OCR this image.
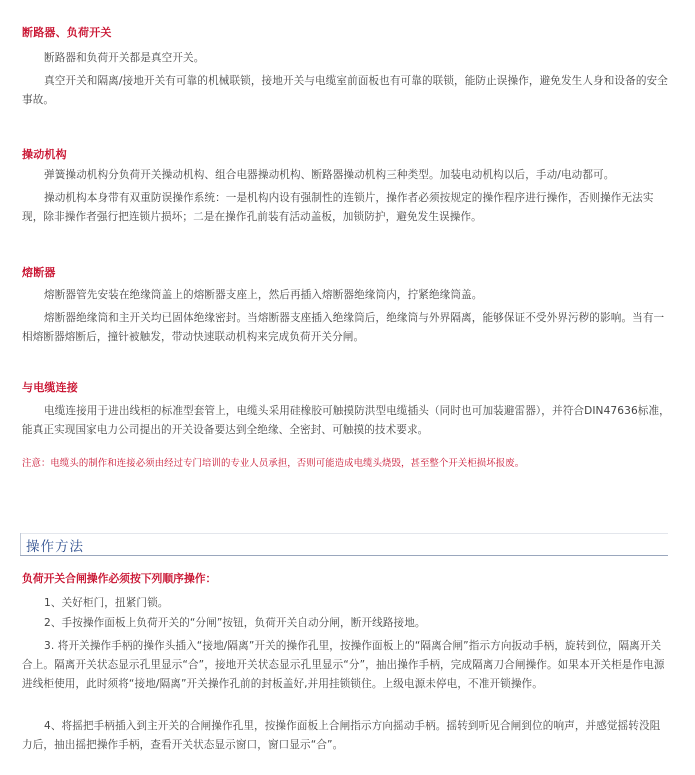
断路器、负荷开关

断路器和负荷开关都是真空开关。

真空开关和隔离/接地开关有可靠的机械联锁，接地开关与电缆室前面板也有可靠的联锁，能防止误操作，避免发生人身和设备的安全事故。

操动机构

弹簧操动机构分负荷开关操动机构、组合电器操动机构、断路器操动机构三种类型。加装电动机构以后，手动/电动都可。

操动机构本身带有双重防误操作系统：一是机构内设有强制性的连锁片，操作者必须按规定的操作程序进行操作，否则操作无法实现，除非操作者强行把连锁片损坏；二是在操作孔前装有活动盖板，加锁防护，避免发生误操作。

熔断器

熔断器管先安装在绝缘筒盖上的熔断器支座上，然后再插入熔断器绝缘筒内，拧紧绝缘筒盖。

熔断器绝缘筒和主开关均已固体绝缘密封。当熔断器支座插入绝缘筒后，绝缘筒与外界隔离，能够保证不受外界污秽的影响。当有一相熔断器熔断后，撞针被触发，带动快速联动机构来完成负荷开关分闸。

与电缆连接

电缆连接用于进出线柜的标准型套管上，电缆头采用硅橡胶可触摸防洪型电缆插头（同时也可加装避雷器），并符合DIN47636标准，能真正实现国家电力公司提出的开关设备要达到全绝缘、全密封、可触摸的技术要求。

注意：电缆头的制作和连接必须由经过专门培训的专业人员承担，否则可能造成电缆头烧毁，甚至整个开关柜损坏报废。
操作方法
负荷开关合闸操作必须按下列顺序操作：

1、关好柜门，扭紧门锁。

2、手按操作面板上负荷开关的“分闸”按钮，负荷开关自动分闸，断开线路接地。

3. 将开关操作手柄的操作头插入“接地/隔离”开关的操作孔里，按操作面板上的“隔离合闸”指示方向扳动手柄，旋转到位，隔离开关合上。隔离开关状态显示孔里显示“合”，接地开关状态显示孔里显示“分”，抽出操作手柄，完成隔离刀合闸操作。如果本开关柜是作电源进线柜使用，此时须将“接地/隔离”开关操作孔前的封板盖好,并用挂锁锁住。上级电源未停电，不准开锁操作。

4、将摇把手柄插入到主开关的合闸操作孔里，按操作面板上合闸指示方向摇动手柄。摇转到听见合闸到位的响声，并感觉摇转没阻力后，抽出摇把操作手柄，查看开关状态显示窗口，窗口显示“合”。
